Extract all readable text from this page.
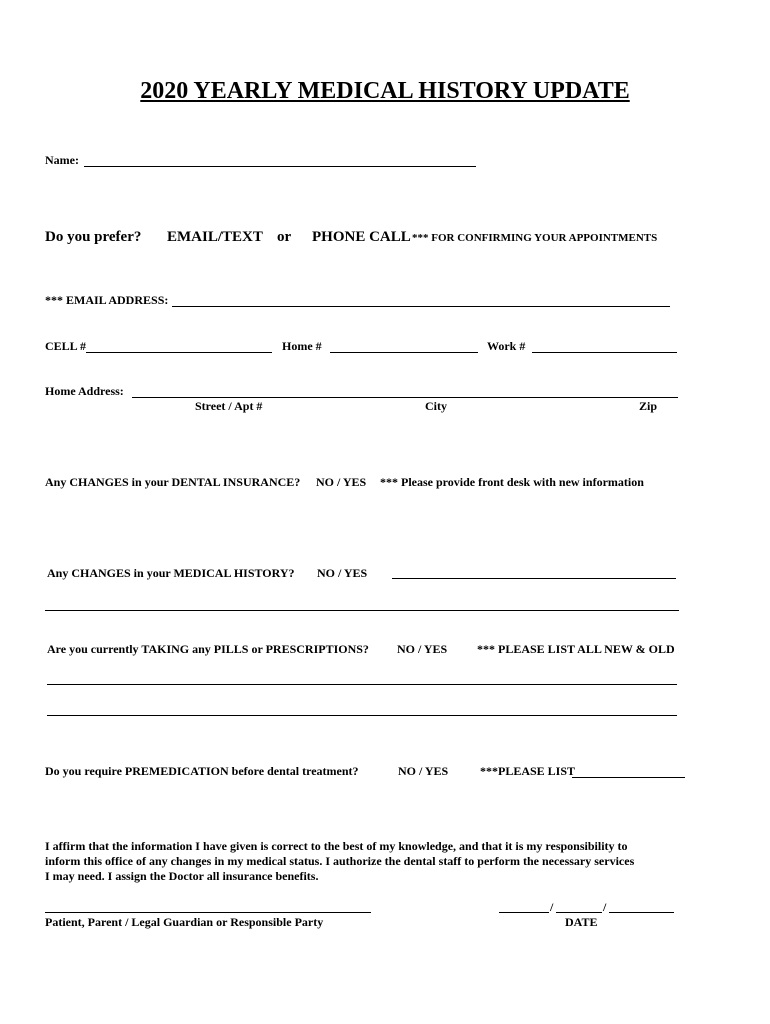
2020 YEARLY MEDICAL HISTORY UPDATE
Name:
Do you prefer? EMAIL/TEXT or PHONE CALL *** FOR CONFIRMING YOUR APPOINTMENTS
*** EMAIL ADDRESS:
CELL #	Home #	Work #
Home Address:
Street / Apt #	City	Zip
Any CHANGES in your DENTAL INSURANCE? NO / YES *** Please provide front desk with new information
Any CHANGES in your MEDICAL HISTORY? NO / YES
Are you currently TAKING any PILLS or PRESCRIPTIONS? NO / YES *** PLEASE LIST ALL NEW & OLD
Do you require PREMEDICATION before dental treatment?	NO / YES	***PLEASE LIST
I affirm that the information I have given is correct to the best of my knowledge, and that it is my responsibility to
inform this office of any changes in my medical status. I authorize the dental staff to perform the necessary services
I may need. I assign the Doctor all insurance benefits.
Patient, Parent / Legal Guardian or Responsible Party
/	/
DATE
